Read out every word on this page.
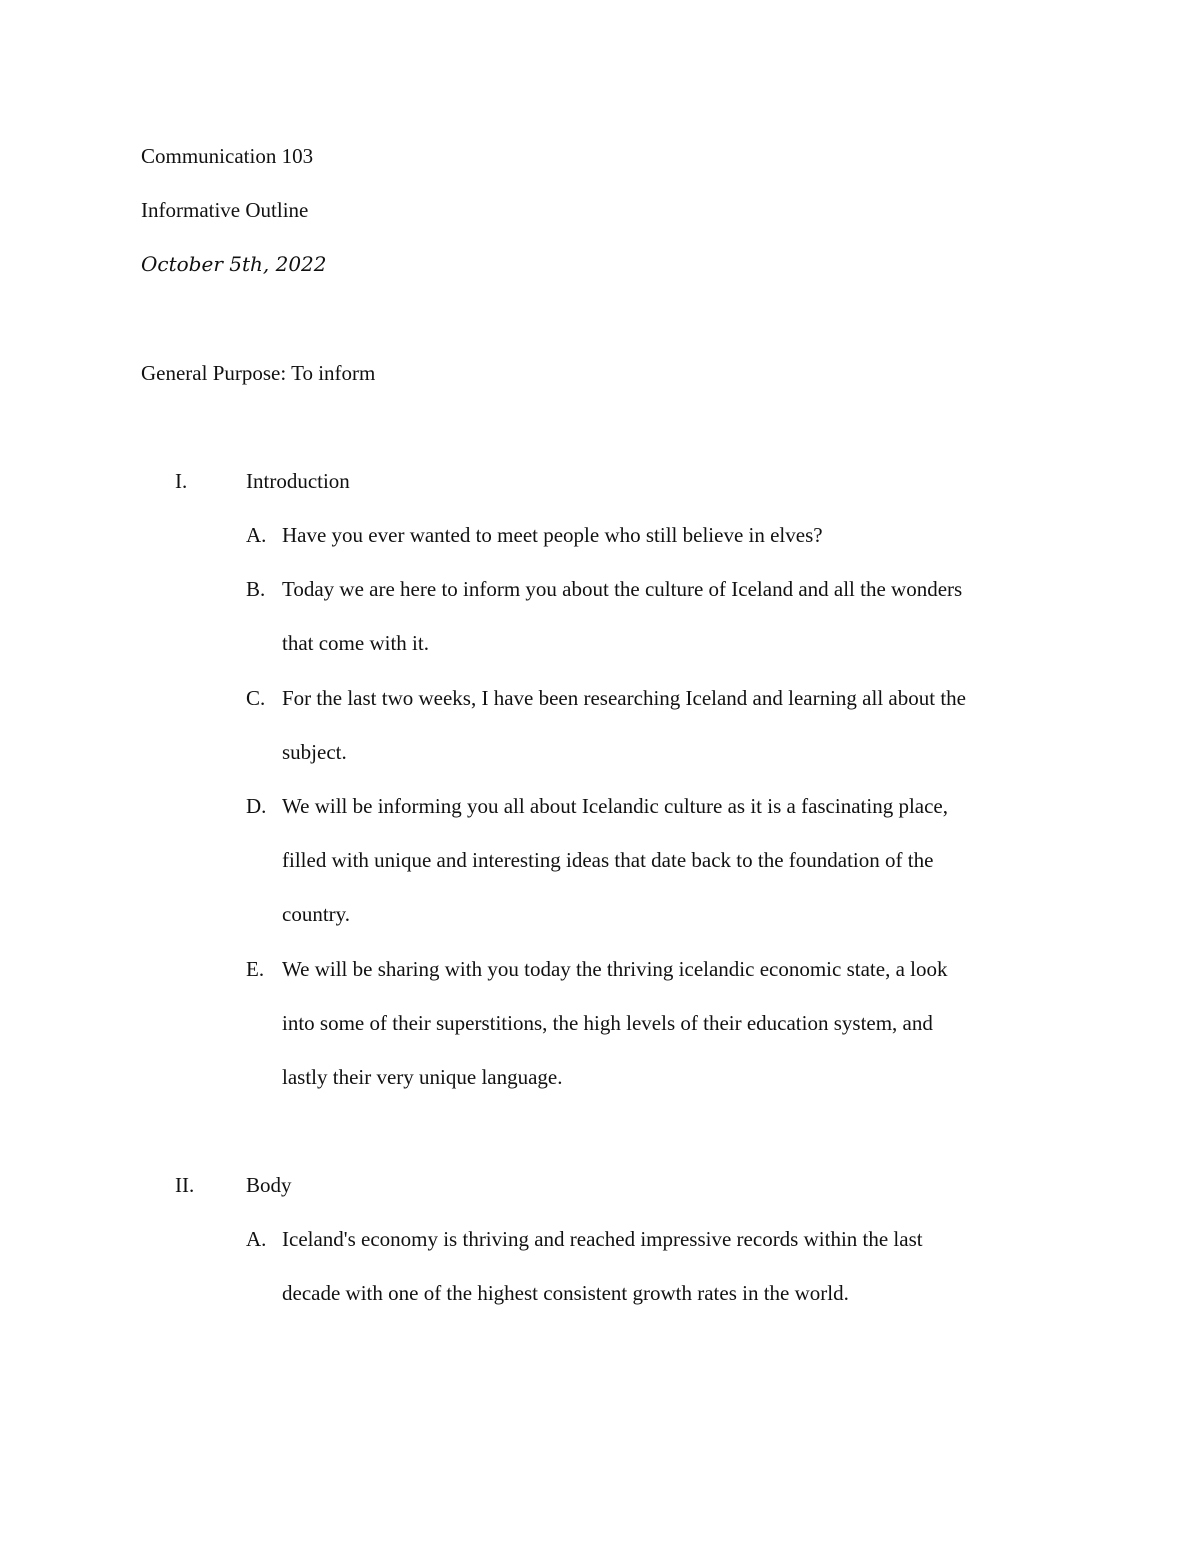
Communication 103
Informative Outline
October 5th, 2022
General Purpose: To inform
I.	Introduction
A. Have you ever wanted to meet people who still believe in elves?
B. Today we are here to inform you about the culture of Iceland and all the wonders
that come with it.
C. For the last two weeks, I have been researching Iceland and learning all about the
subject.
D. We will be informing you all about Icelandic culture as it is a fascinating place,
filled with unique and interesting ideas that date back to the foundation of the
country.
E. We will be sharing with you today the thriving icelandic economic state, a look
into some of their superstitions, the high levels of their education system, and
lastly their very unique language.
II. Body
A. Iceland's economy is thriving and reached impressive records within the last
decade with one of the highest consistent growth rates in the world.
